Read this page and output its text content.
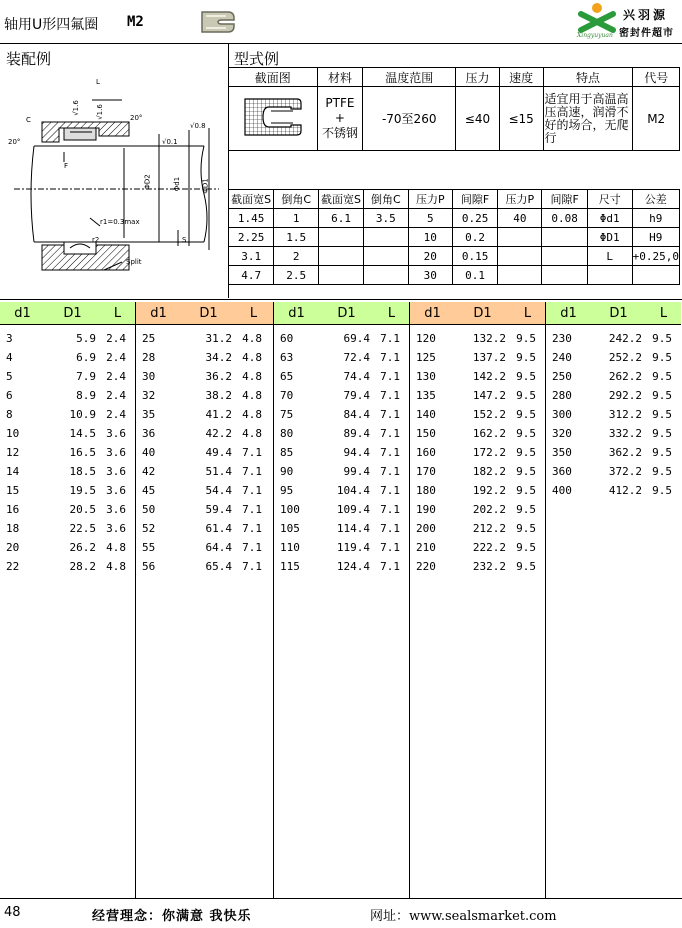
轴用U形四氟圈 M2	兴羽源
密封件超市
Xingyuyuan
装配例	型式例
L
C
20°
20°
√1.6 √1.6
√0.8
√0.1
F
ΦD2	Φd1	ΦD1
r1=0.3max
r2	S
Split
截面图	材料	温度范围	压力	速度	特点	代号

PTFE
+
不锈钢	-70至260	≤40	≤15	适宜用于高温高压高速，润滑不好的场合，无爬行	M2
截面宽S	倒角C	截面宽S	倒角C	压力P	间隙F	压力P	间隙F	尺寸	公差
1.45	1	6.1	3.5	5	0.25	40	0.08	Φd1	h9
2.25	1.5			10	0.2			ΦD1	H9
3.1	2			20	0.15			L	+0.25,0
4.7	2.5			30	0.1				
d1	D1	L
3	5.9 2.4
4	6.9 2.4
5	7.9 2.4
6	8.9 2.4
8	10.9 2.4
10	14.5 3.6
12	16.5 3.6
14	18.5 3.6
15	19.5 3.6
16	20.5 3.6
18	22.5 3.6
20	26.2 4.8
22	28.2 4.8
d1	D1	L
25	31.2 4.8
28	34.2 4.8
30	36.2 4.8
32	38.2 4.8
35	41.2 4.8
36	42.2 4.8
40	49.4 7.1
42	51.4 7.1
45	54.4 7.1
50	59.4 7.1
52	61.4 7.1
55	64.4 7.1
56	65.4 7.1
d1	D1	L
60	69.4 7.1
63	72.4 7.1
65	74.4 7.1
70	79.4 7.1
75	84.4 7.1
80	89.4 7.1
85	94.4 7.1
90	99.4 7.1
95	104.4 7.1
100	109.4 7.1
105	114.4 7.1
110	119.4 7.1
115	124.4 7.1
d1	D1	L
120	132.2 9.5
125	137.2 9.5
130	142.2 9.5
135	147.2 9.5
140	152.2 9.5
150	162.2 9.5
160	172.2 9.5
170	182.2 9.5
180	192.2 9.5
190	202.2 9.5
200	212.2 9.5
210	222.2 9.5
220	232.2 9.5
d1	D1	L
230	242.2 9.5
240	252.2 9.5
250	262.2 9.5
280	292.2 9.5
300	312.2 9.5
320	332.2 9.5
350	362.2 9.5
360	372.2 9.5
400	412.2 9.5
48	经营理念：你满意 我快乐	网址：www.sealsmarket.com
